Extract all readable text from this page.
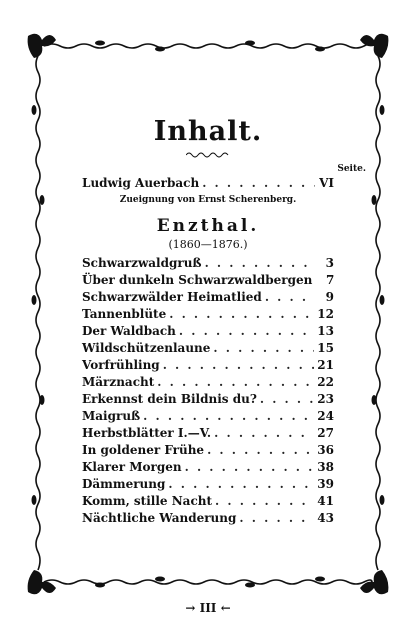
Inhalt.
Seite.
Ludwig Auerbach . . .	VI
Zueignung von Ernst Scherenberg.
Enzthal.
(1860—1876.)
Schwarzwaldgruß . . .	3
Über dunkeln Schwarzwaldbergen	7
Schwarzwälder Heimatlied . . .	9
Tannenblüte . . .	12
Der Waldbach . . .	13
Wildschützenlaune . . .	15
Vorfrühling . . .	21
Märznacht . . .	22
Erkennst dein Bildnis du? . . .	23
Maigruß . . .	24
Herbstblätter I.—V. . . .	27
In goldener Frühe . . .	36
Klarer Morgen . . .	38
Dämmerung . . .	39
Komm, stille Nacht . . .	41
Nächtliche Wanderung . . .	43
→ III ←
